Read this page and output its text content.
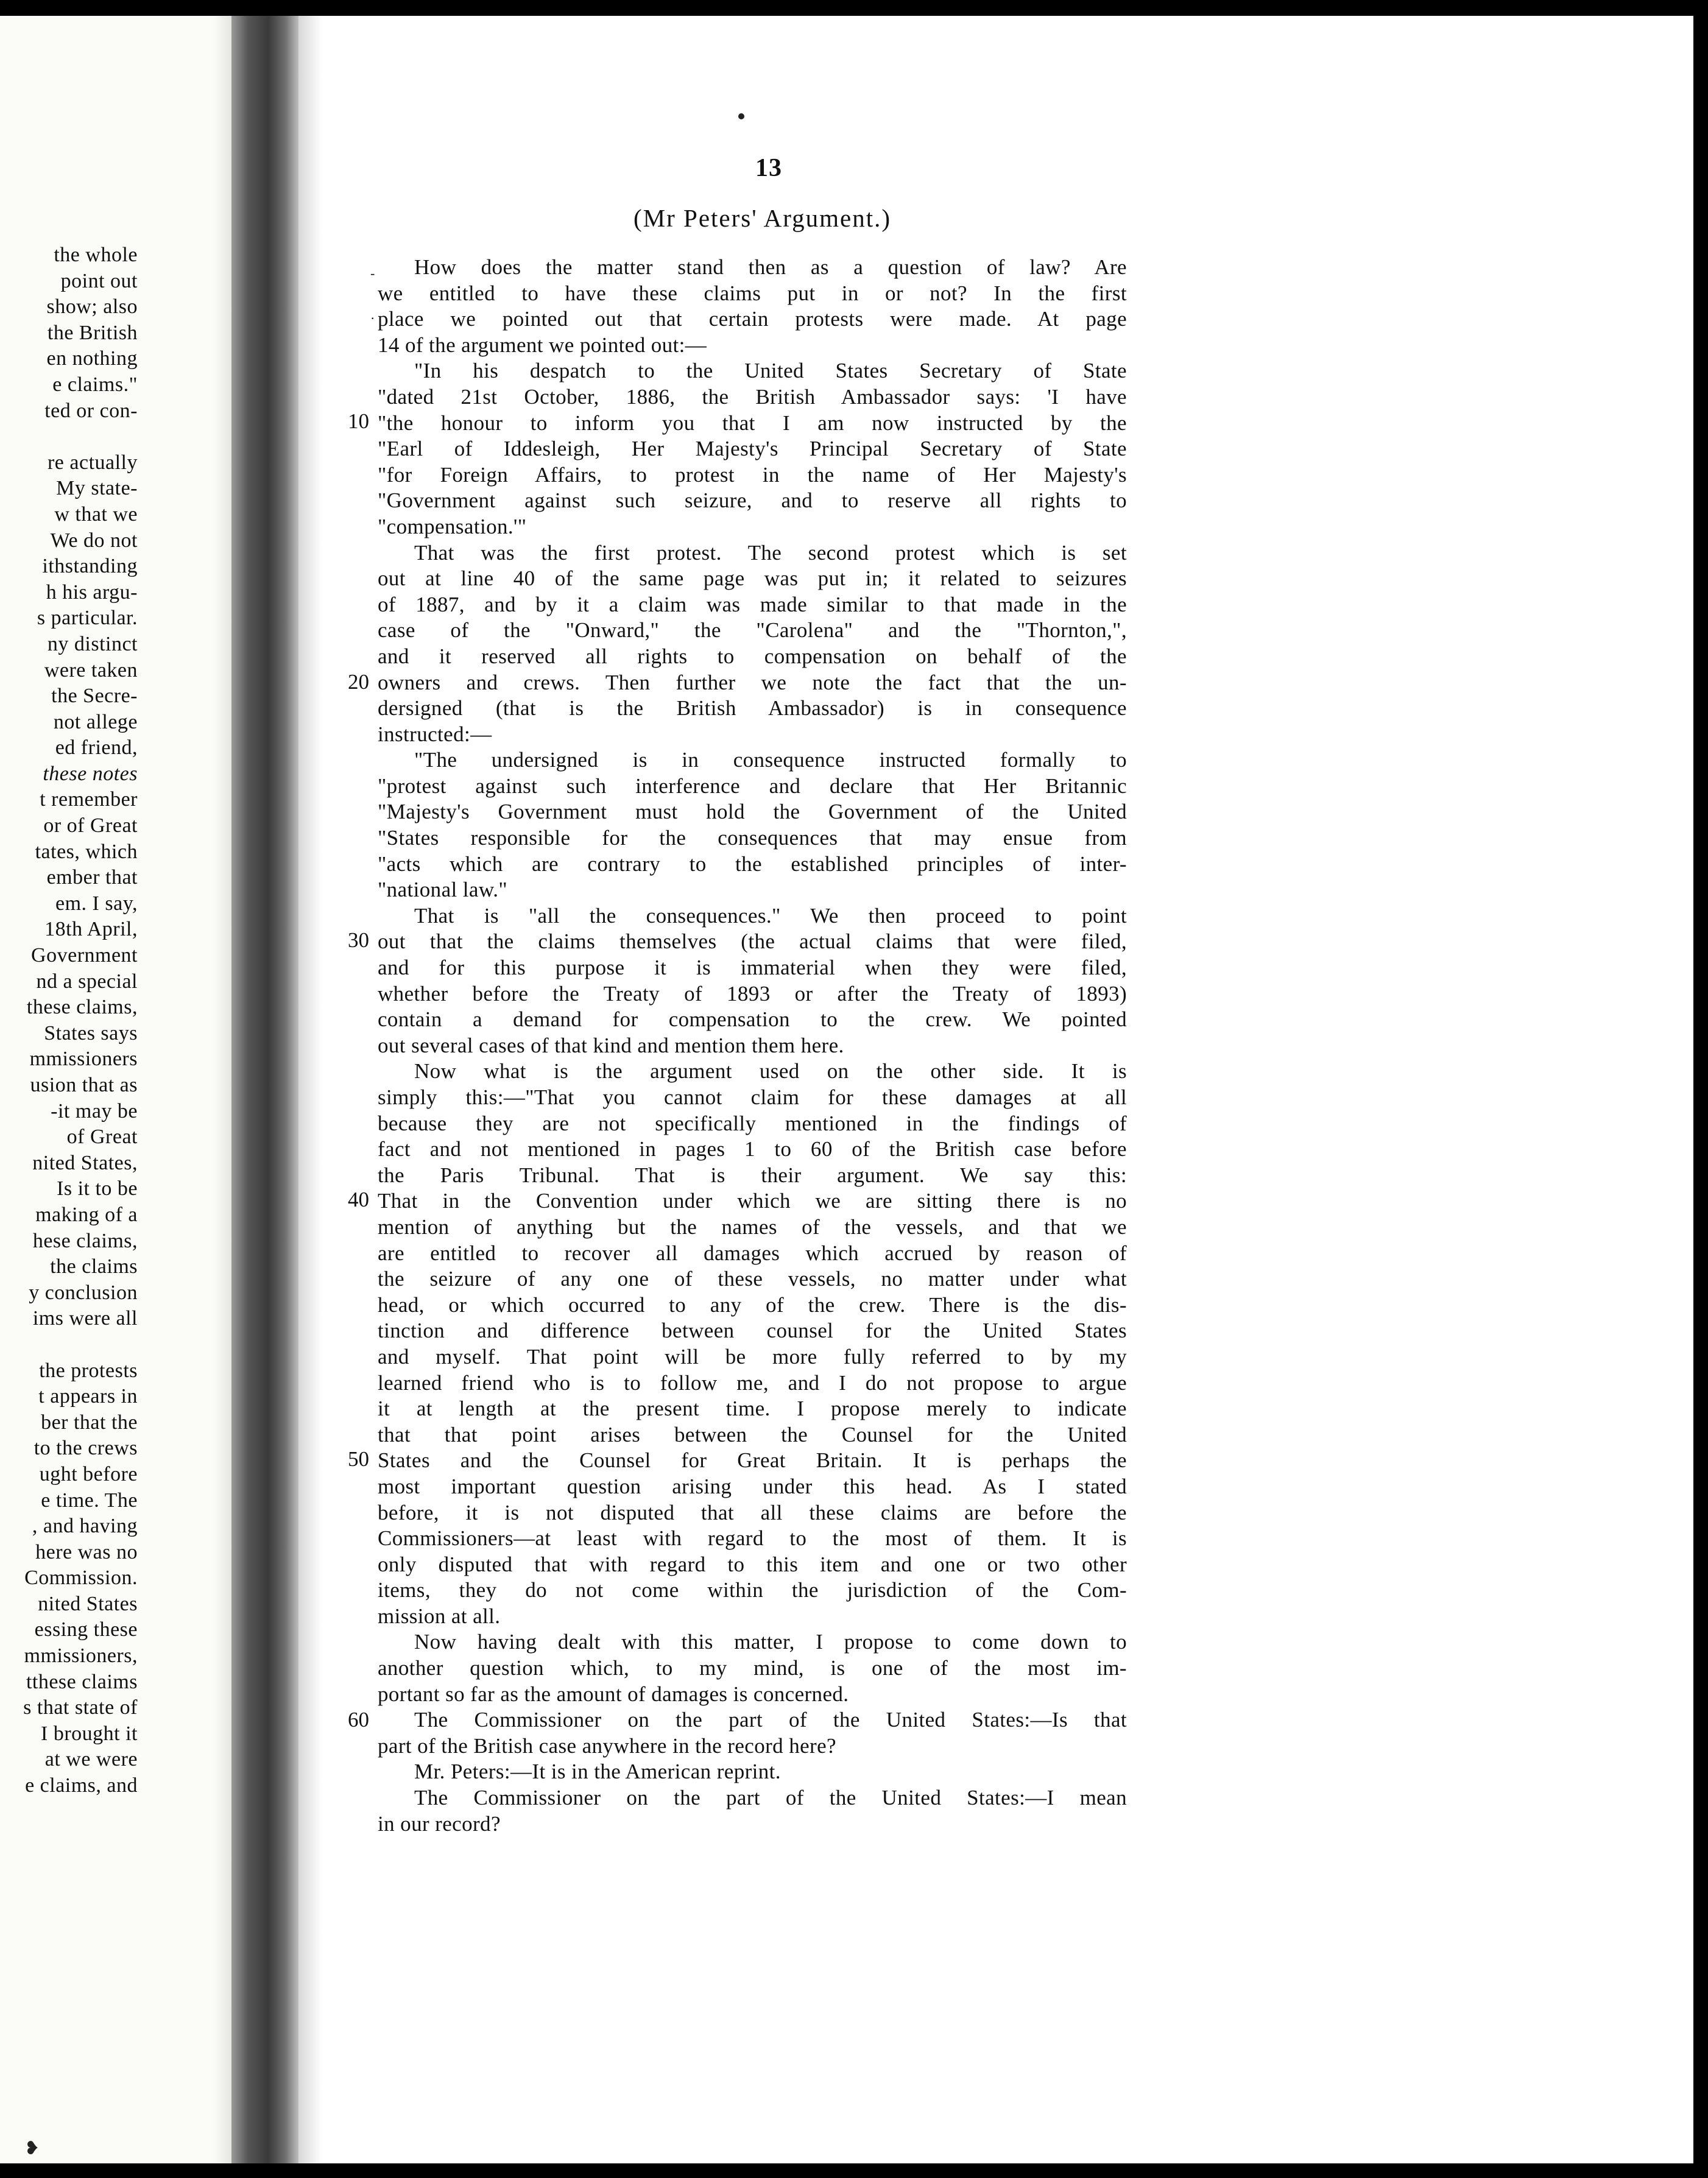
the whole
point out
show; also
the British
en nothing
e claims."
ted or con-
re actually
My state-
w that we
We do not
ithstanding
h his argu-
s particular.
ny distinct
were taken
the Secre-
not allege
ed friend,
these notes
t remember
or of Great
tates, which
ember that
em. I say,
18th April,
Government
nd a special
these claims,
States says
mmissioners
usion that as
-it may be
of Great
nited States,
Is it to be
making of a
hese claims,
the claims
y conclusion
ims were all
the protests
t appears in
ber that the
to the crews
ught before
e time. The
, and having
here was no
Commission.
nited States
essing these
mmissioners,
tthese claims
s that state of
I brought it
at we were
e claims, and
13
(Mr Peters' Argument.)
-
·
10
20
30
40
50
60
How does the matter stand then as a question of law? Are
we entitled to have these claims put in or not? In the first
place we pointed out that certain protests were made. At page
14 of the argument we pointed out:—
"In his despatch to the United States Secretary of State
"dated 21st October, 1886, the British Ambassador says: 'I have
"the honour to inform you that I am now instructed by the
"Earl of Iddesleigh, Her Majesty's Principal Secretary of State
"for Foreign Affairs, to protest in the name of Her Majesty's
"Government against such seizure, and to reserve all rights to
"compensation.'"
That was the first protest. The second protest which is set
out at line 40 of the same page was put in; it related to seizures
of 1887, and by it a claim was made similar to that made in the
case of the "Onward," the "Carolena" and the "Thornton,",
and it reserved all rights to compensation on behalf of the
owners and crews. Then further we note the fact that the un-
dersigned (that is the British Ambassador) is in consequence
instructed:—
"The undersigned is in consequence instructed formally to
"protest against such interference and declare that Her Britannic
"Majesty's Government must hold the Government of the United
"States responsible for the consequences that may ensue from
"acts which are contrary to the established principles of inter-
"national law."
That is "all the consequences." We then proceed to point
out that the claims themselves (the actual claims that were filed,
and for this purpose it is immaterial when they were filed,
whether before the Treaty of 1893 or after the Treaty of 1893)
contain a demand for compensation to the crew. We pointed
out several cases of that kind and mention them here.
Now what is the argument used on the other side. It is
simply this:—"That you cannot claim for these damages at all
because they are not specifically mentioned in the findings of
fact and not mentioned in pages 1 to 60 of the British case before
the Paris Tribunal. That is their argument. We say this:
That in the Convention under which we are sitting there is no
mention of anything but the names of the vessels, and that we
are entitled to recover all damages which accrued by reason of
the seizure of any one of these vessels, no matter under what
head, or which occurred to any of the crew. There is the dis-
tinction and difference between counsel for the United States
and myself. That point will be more fully referred to by my
learned friend who is to follow me, and I do not propose to argue
it at length at the present time. I propose merely to indicate
that that point arises between the Counsel for the United
States and the Counsel for Great Britain. It is perhaps the
most important question arising under this head. As I stated
before, it is not disputed that all these claims are before the
Commissioners—at least with regard to the most of them. It is
only disputed that with regard to this item and one or two other
items, they do not come within the jurisdiction of the Com-
mission at all.
Now having dealt with this matter, I propose to come down to
another question which, to my mind, is one of the most im-
portant so far as the amount of damages is concerned.
The Commissioner on the part of the United States:—Is that
part of the British case anywhere in the record here?
Mr. Peters:—It is in the American reprint.
The Commissioner on the part of the United States:—I mean
in our record?
❥
